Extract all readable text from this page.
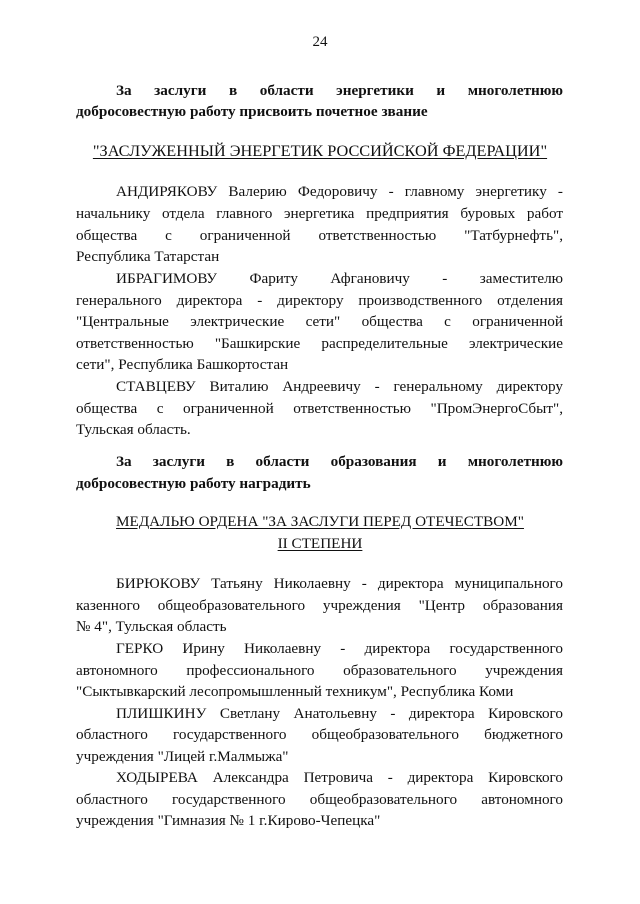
24
За заслуги в области энергетики и многолетнюю
добросовестную работу присвоить почетное звание
"ЗАСЛУЖЕННЫЙ ЭНЕРГЕТИК РОССИЙСКОЙ ФЕДЕРАЦИИ"
АНДИРЯКОВУ Валерию Федоровичу - главному энергетику -
начальнику отдела главного энергетика предприятия буровых работ
общества с ограниченной ответственностью "Татбурнефть",
Республика Татарстан
ИБРАГИМОВУ Фариту Афгановичу - заместителю
генерального директора - директору производственного отделения
"Центральные электрические сети" общества с ограниченной
ответственностью "Башкирские распределительные электрические
сети", Республика Башкортостан
СТАВЦЕВУ Виталию Андреевичу - генеральному директору
общества с ограниченной ответственностью "ПромЭнергоСбыт",
Тульская область.
За заслуги в области образования и многолетнюю
добросовестную работу наградить
МЕДАЛЬЮ ОРДЕНА "ЗА ЗАСЛУГИ ПЕРЕД ОТЕЧЕСТВОМ"
II СТЕПЕНИ
БИРЮКОВУ Татьяну Николаевну - директора муниципального
казенного общеобразовательного учреждения "Центр образования
№ 4", Тульская область
ГЕРКО Ирину Николаевну - директора государственного
автономного профессионального образовательного учреждения
"Сыктывкарский лесопромышленный техникум", Республика Коми
ПЛИШКИНУ Светлану Анатольевну - директора Кировского
областного государственного общеобразовательного бюджетного
учреждения "Лицей г.Малмыжа"
ХОДЫРЕВА Александра Петровича - директора Кировского
областного государственного общеобразовательного автономного
учреждения "Гимназия № 1 г.Кирово-Чепецка"
